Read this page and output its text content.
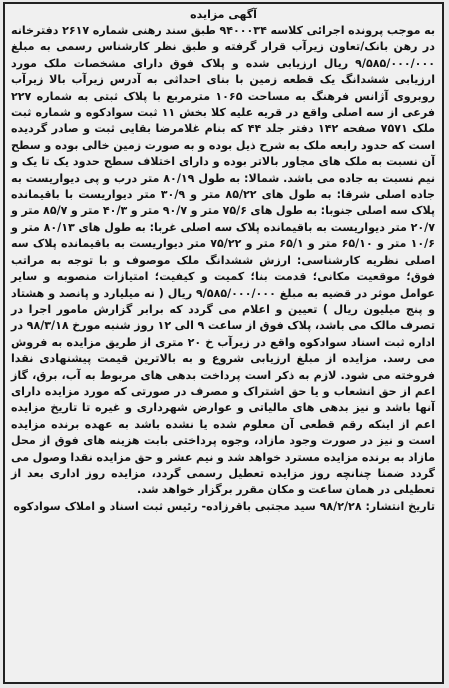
آگهی مزایده

به موجب پرونده اجرائی کلاسه ۹۴۰۰۰۳۴ طبق سند رهنی شماره ۲۶۱۷ دفترخانه در رهن بانک/تعاون زیرآب قرار گرفته و طبق نظر کارشناس رسمی به مبلغ ۹/۵۸۵/۰۰۰/۰۰۰ ریال ارزیابی شده و پلاک فوق دارای مشخصات ملک مورد ارزیابی ششدانگ یک قطعه زمین با بنای احداثی به آدرس زیرآب بالا زیرآب روبروی آژانس فرهنگ به مساحت ۱۰۶۵ مترمربع با پلاک ثبتی به شماره ۲۲۷ فرعی از سه اصلی واقع در قریه علیه کلا بخش ۱۱ ثبت سوادکوه و شماره ثبت ملک ۷۵۷۱ صفحه ۱۴۲ دفتر جلد ۴۴ که بنام غلامرضا بقایی ثبت و صادر گردیده است که حدود رابعه ملک به شرح ذیل بوده و به صورت زمین خالی بوده و سطح آن نسبت به ملک های مجاور بالاتر بوده و دارای اختلاف سطح حدود یک تا یک و نیم نسبت به جاده می باشد. شمالا: به طول ۸۰/۱۹ متر درب و پی دیواریست به جاده اصلی شرقا: به طول های ۸۵/۲۲ متر و ۳۰/۹ متر دیواریست با باقیمانده پلاک سه اصلی جنوبا: به طول های ۷۵/۶ متر و ۹۰/۷ متر و ۴۰/۳ متر و ۸۵/۷ متر و ۲۰/۷ متر دیواریست به باقیمانده پلاک سه اصلی غربا: به طول های ۸۰/۱۳ متر و ۱۰/۶ متر و ۶۵/۱۰ متر و ۶۵/۱ متر و ۷۵/۲۲ متر دیواریست به باقیمانده پلاک سه اصلی نظریه کارشناسی: ارزش ششدانگ ملک موصوف و با توجه به مراتب فوق؛ موقعیت مکانی؛ قدمت بنا؛ کمیت و کیفیت؛ امتیازات منصوبه و سایر عوامل موثر در قضیه به مبلغ ۹/۵۸۵/۰۰۰/۰۰۰ ریال ( نه میلیارد و پانصد و هشتاد و پنج میلیون ریال ) تعیین و اعلام می گردد که برابر گزارش مامور اجرا در تصرف مالک می باشد، پلاک فوق از ساعت ۹ الی ۱۲ روز شنبه مورخ ۹۸/۳/۱۸ در اداره ثبت اسناد سوادکوه واقع در زیرآب خ ۲۰ متری از طریق مزایده به فروش می رسد. مزایده از مبلغ ارزیابی شروع و به بالاترین قیمت پیشنهادی نقدا فروخته می شود. لازم به ذکر است پرداخت بدهی های مربوط به آب، برق، گاز اعم از حق انشعاب و یا حق اشتراک و مصرف در صورتی که مورد مزایده دارای آنها باشد و نیز بدهی های مالیاتی و عوارض شهرداری و غیره تا تاریخ مزایده اعم از اینکه رقم قطعی آن معلوم شده یا نشده باشد به عهده برنده مزایده است و نیز در صورت وجود مازاد، وجوه پرداختی بابت هزینه های فوق از محل مازاد به برنده مزایده مسترد خواهد شد و نیم عشر و حق مزایده نقدا وصول می گردد ضمنا چنانچه روز مزایده تعطیل رسمی گردد، مزایده روز اداری بعد از تعطیلی در همان ساعت و مکان مقرر برگزار خواهد شد.

تاریخ انتشار: ۹۸/۲/۲۸ سید مجتبی باقرزاده- رئیس ثبت اسناد و املاک سوادکوه
